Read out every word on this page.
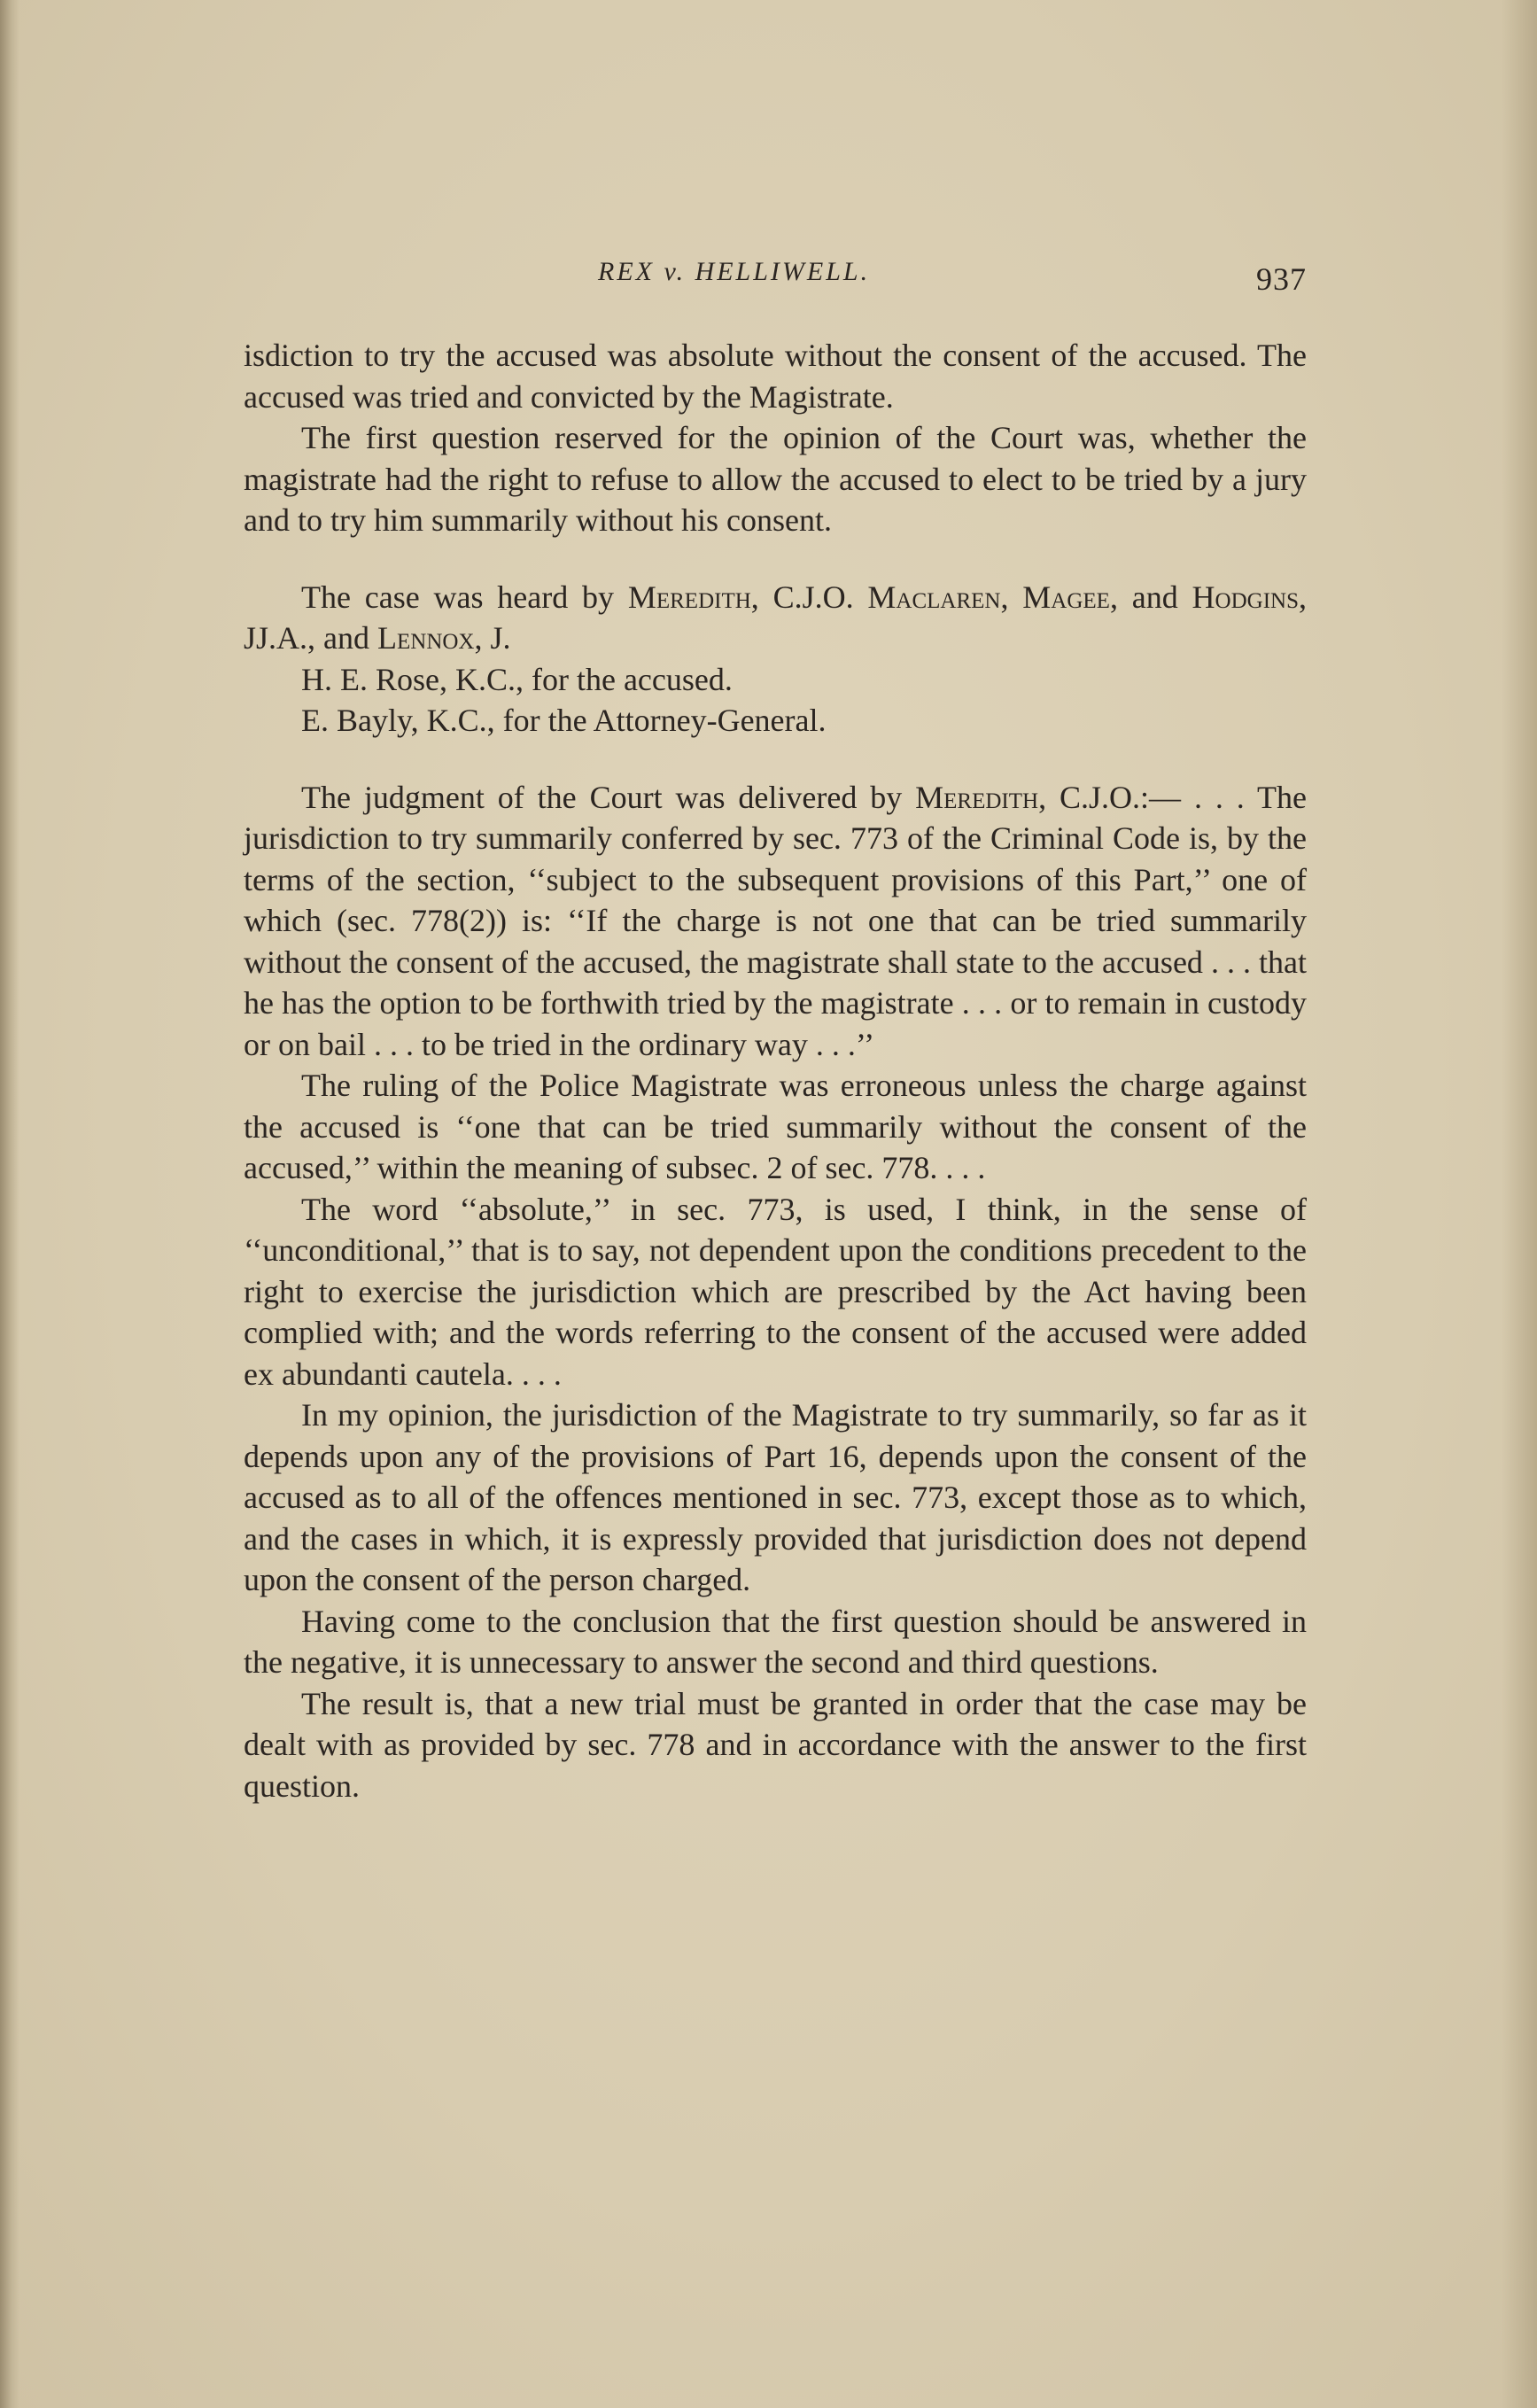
REX v. HELLIWELL.	937

isdiction to try the accused was absolute without the consent of the accused. The accused was tried and convicted by the Magistrate.

The first question reserved for the opinion of the Court was, whether the magistrate had the right to refuse to allow the accused to elect to be tried by a jury and to try him summarily without his consent.

The case was heard by Meredith, C.J.O. Maclaren, Magee, and Hodgins, JJ.A., and Lennox, J.

H. E. Rose, K.C., for the accused.

E. Bayly, K.C., for the Attorney-General.

The judgment of the Court was delivered by Meredith, C.J.O.:— . . . The jurisdiction to try summarily conferred by sec. 773 of the Criminal Code is, by the terms of the section, ‘‘subject to the subsequent provisions of this Part,’’ one of which (sec. 778(2)) is: ‘‘If the charge is not one that can be tried summarily without the consent of the accused, the magistrate shall state to the accused . . . that he has the option to be forthwith tried by the magistrate . . . or to remain in custody or on bail . . . to be tried in the ordinary way . . .’’

The ruling of the Police Magistrate was erroneous unless the charge against the accused is ‘‘one that can be tried summarily without the consent of the accused,’’ within the meaning of subsec. 2 of sec. 778. . . .

The word ‘‘absolute,’’ in sec. 773, is used, I think, in the sense of ‘‘unconditional,’’ that is to say, not dependent upon the conditions precedent to the right to exercise the jurisdiction which are prescribed by the Act having been complied with; and the words referring to the consent of the accused were added ex abundanti cautela. . . .

In my opinion, the jurisdiction of the Magistrate to try summarily, so far as it depends upon any of the provisions of Part 16, depends upon the consent of the accused as to all of the offences mentioned in sec. 773, except those as to which, and the cases in which, it is expressly provided that jurisdiction does not depend upon the consent of the person charged.

Having come to the conclusion that the first question should be answered in the negative, it is unnecessary to answer the second and third questions.

The result is, that a new trial must be granted in order that the case may be dealt with as provided by sec. 778 and in accordance with the answer to the first question.
